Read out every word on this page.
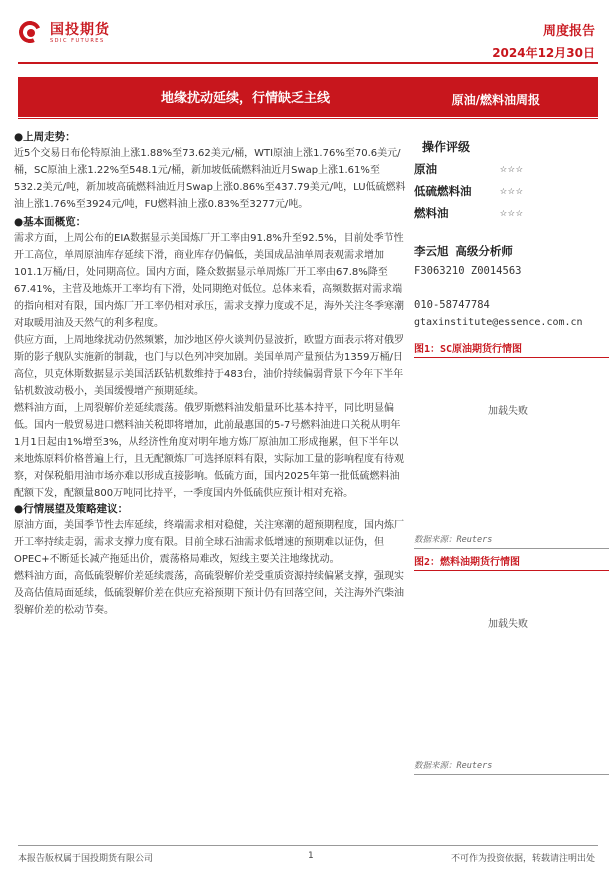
国投期货
SDIC FUTURES
周度报告
2024年12月30日
地缘扰动延续，行情缺乏主线	原油/燃料油周报
●上周走势：
近5个交易日布伦特原油上涨1.88%至73.62美元/桶，WTI原油上涨1.76%至70.6美元/桶，SC原油上涨1.22%至548.1元/桶，新加坡低硫燃料油近月Swap上涨1.61%至532.2美元/吨，新加坡高硫燃料油近月Swap上涨0.86%至437.79美元/吨，LU低硫燃料油上涨1.76%至3924元/吨，FU燃料油上涨0.83%至3277元/吨。
●基本面概览：
需求方面，上周公布的EIA数据显示美国炼厂开工率由91.8%升至92.5%，目前处季节性开工高位，单周原油库存延续下滑，商业库存仍偏低，美国成品油单周表观需求增加101.1万桶/日，处同期高位。国内方面，隆众数据显示单周炼厂开工率由67.8%降至67.41%，主营及地炼开工率均有下滑，处同期绝对低位。总体来看，高频数据对需求端的指向相对有限，国内炼厂开工率仍相对承压，需求支撑力度或不足，海外关注冬季寒潮对取暖用油及天然气的利多程度。
供应方面，上周地缘扰动仍然频繁，加沙地区停火谈判仍显波折，欧盟方面表示将对俄罗斯的影子舰队实施新的制裁，也门与以色列冲突加剧。美国单周产量预估为1359万桶/日高位，贝克休斯数据显示美国活跃钻机数维持于483台，油价持续偏弱背景下今年下半年钻机数波动极小，美国缓慢增产预期延续。
燃料油方面，上周裂解价差延续震荡。俄罗斯燃料油发船量环比基本持平，同比明显偏低。国内一般贸易进口燃料油关税即将增加，此前最惠国的5-7号燃料油进口关税从明年1月1日起由1%增至3%，从经济性角度对明年地方炼厂原油加工形成拖累，但下半年以来地炼原料价格普遍上行，且无配额炼厂可选择原料有限，实际加工量的影响程度有待观察，对保税船用油市场亦难以形成直接影响。低硫方面，国内2025年第一批低硫燃料油配额下发，配额量800万吨同比持平，一季度国内外低硫供应预计相对充裕。
●行情展望及策略建议：
原油方面，美国季节性去库延续，终端需求相对稳健，关注寒潮的超预期程度，国内炼厂开工率持续走弱，需求支撑力度有限。目前全球石油需求低增速的预期难以证伪，但OPEC+不断延长减产拖延出价，震荡格局难改，短线主要关注地缘扰动。
燃料油方面，高低硫裂解价差延续震荡，高硫裂解价差受重质资源持续偏紧支撑，强现实及高估值局面延续，低硫裂解价差在供应充裕预期下预计仍有回落空间，关注海外汽柴油裂解价差的松动节奏。
操作评级
原油	☆☆☆
低硫燃料油	☆☆☆
燃料油	☆☆☆
李云旭 高级分析师
F3063210 Z0014563
010-58747784
gtaxinstitute@essence.com.cn
图1：SC原油期货行情图
加载失败
数据来源：Reuters
图2：燃料油期货行情图
加载失败
数据来源：Reuters
本报告版权属于国投期货有限公司	1	不可作为投资依据，转载请注明出处
